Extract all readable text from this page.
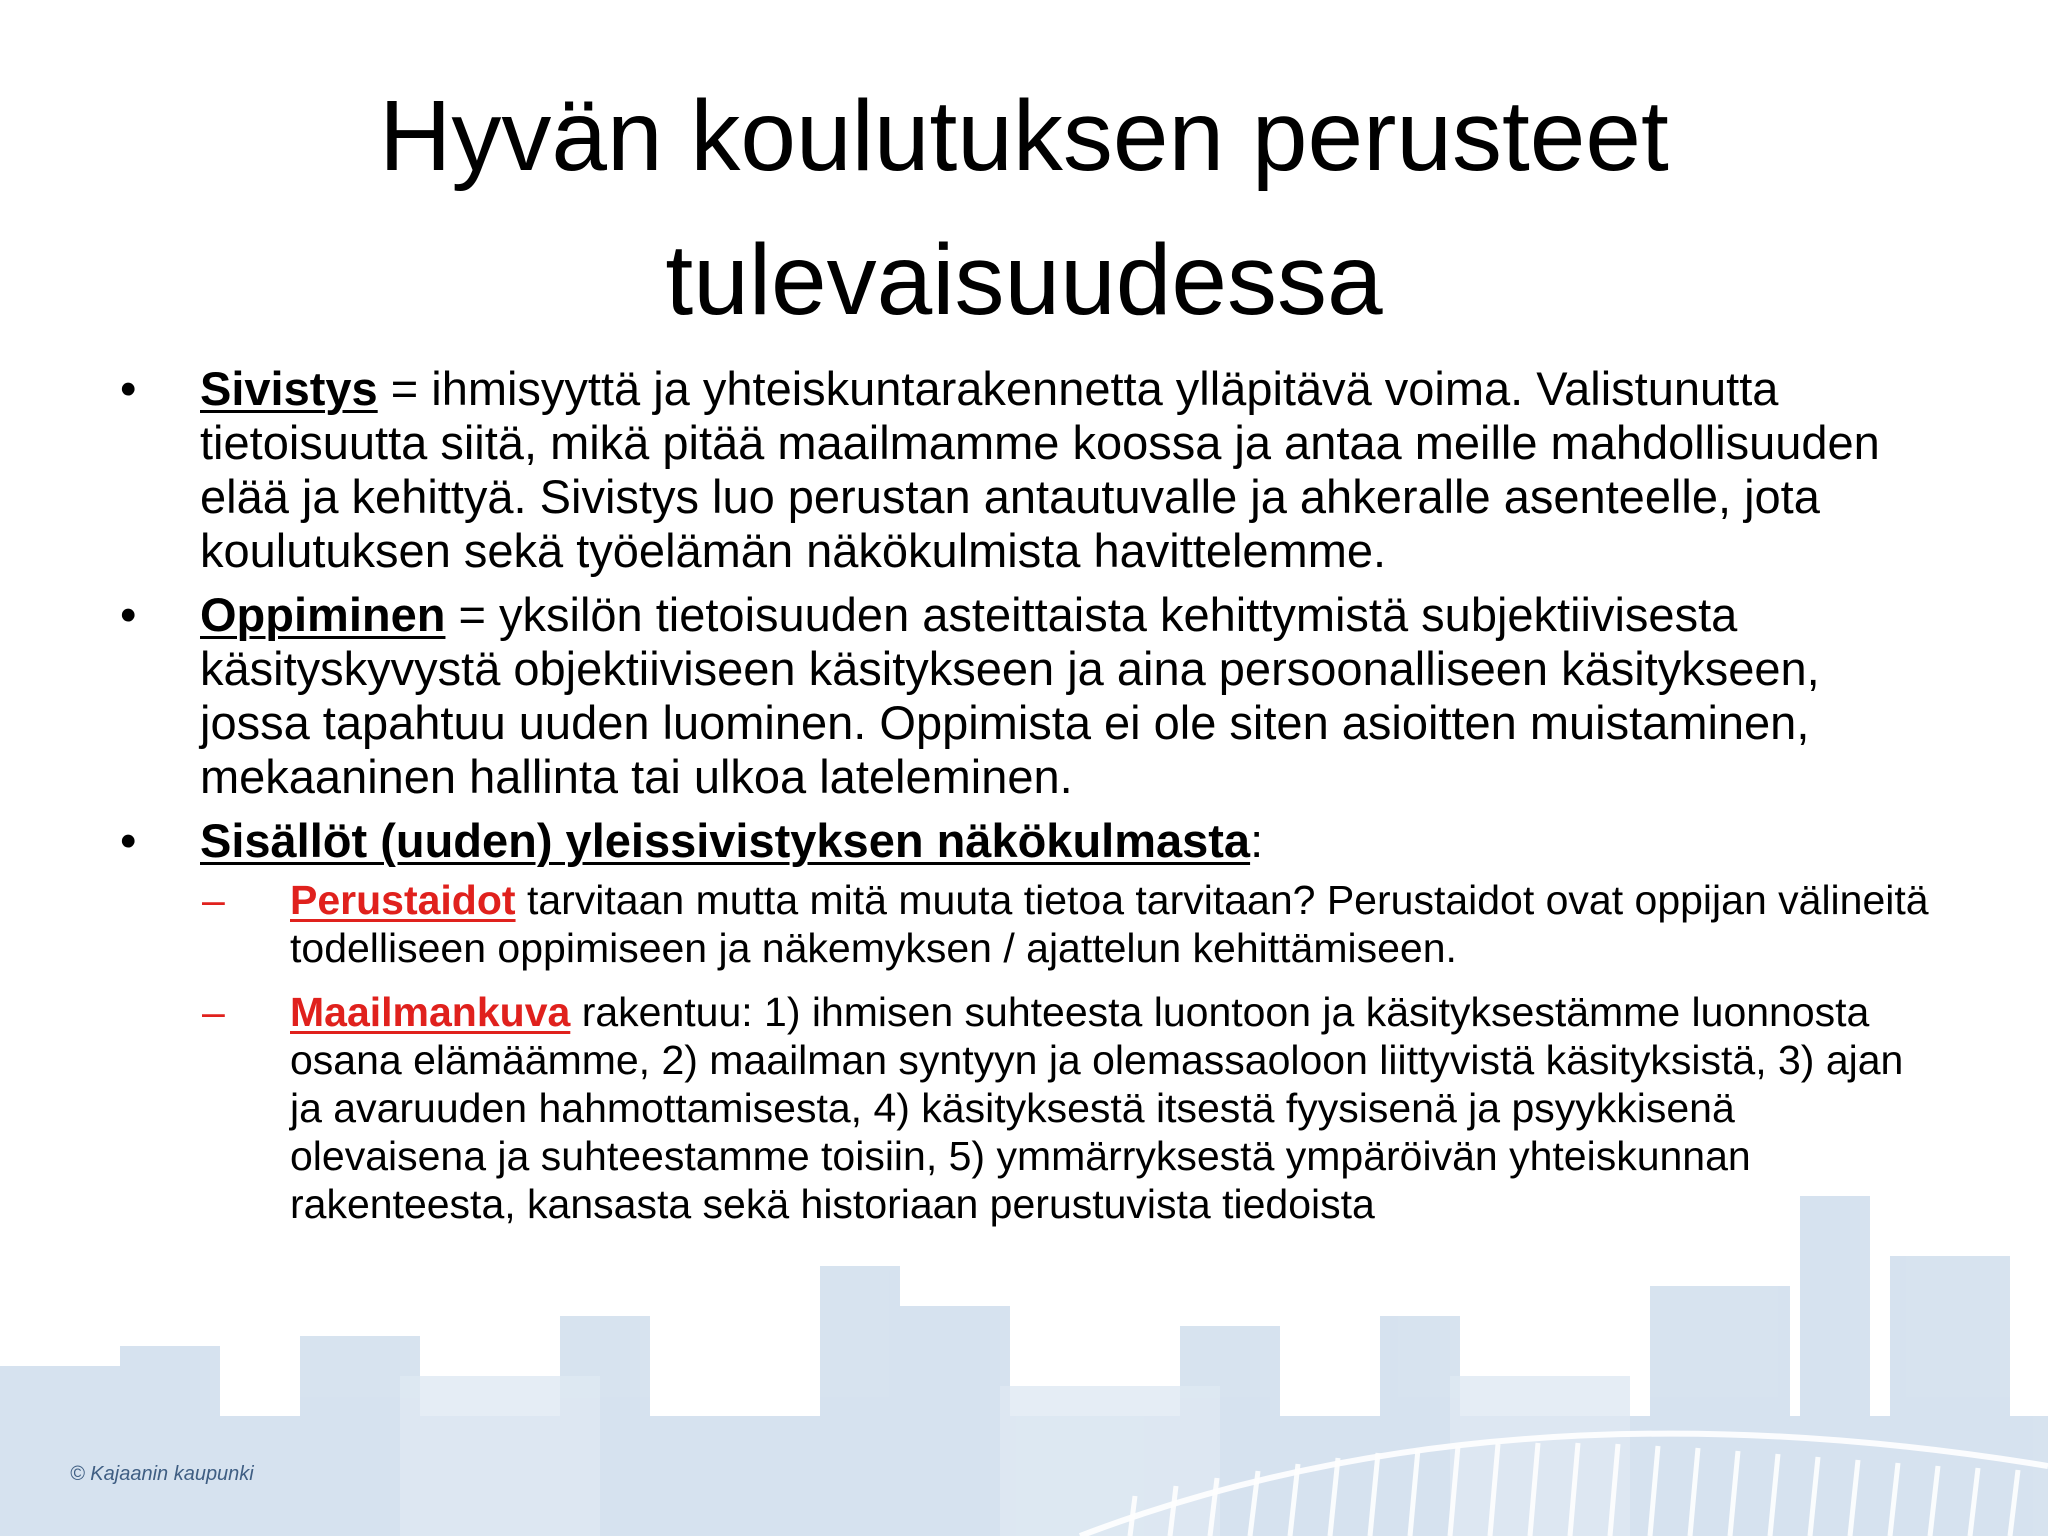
Hyvän koulutuksen perusteet
tulevaisuudessa
•	Sivistys = ihmisyyttä ja yhteiskuntarakennetta ylläpitävä voima. Valistunutta tietoisuutta siitä, mikä pitää maailmamme koossa ja antaa meille mahdollisuuden elää ja kehittyä. Sivistys luo perustan antautuvalle ja ahkeralle asenteelle, jota koulutuksen sekä työelämän näkökulmista havittelemme.
•	Oppiminen = yksilön tietoisuuden asteittaista kehittymistä subjektiivisesta käsityskyvystä objektiiviseen käsitykseen ja aina persoonalliseen käsitykseen, jossa tapahtuu uuden luominen. Oppimista ei ole siten asioitten muistaminen, mekaaninen hallinta tai ulkoa lateleminen.
•	Sisällöt (uuden) yleissivistyksen näkökulmasta:
– Perustaidot tarvitaan mutta mitä muuta tietoa tarvitaan? Perustaidot ovat oppijan välineitä todelliseen oppimiseen ja näkemyksen / ajattelun kehittämiseen.
– Maailmankuva rakentuu: 1) ihmisen suhteesta luontoon ja käsityksestämme luonnosta osana elämäämme, 2) maailman syntyyn ja olemassaoloon liittyvistä käsityksistä, 3) ajan ja avaruuden hahmottamisesta, 4) käsityksestä itsestä fyysisenä ja psyykkisenä olevaisena ja suhteestamme toisiin, 5) ymmärryksestä ympäröivän yhteiskunnan rakenteesta, kansasta sekä historiaan perustuvista tiedoista
© Kajaanin kaupunki
